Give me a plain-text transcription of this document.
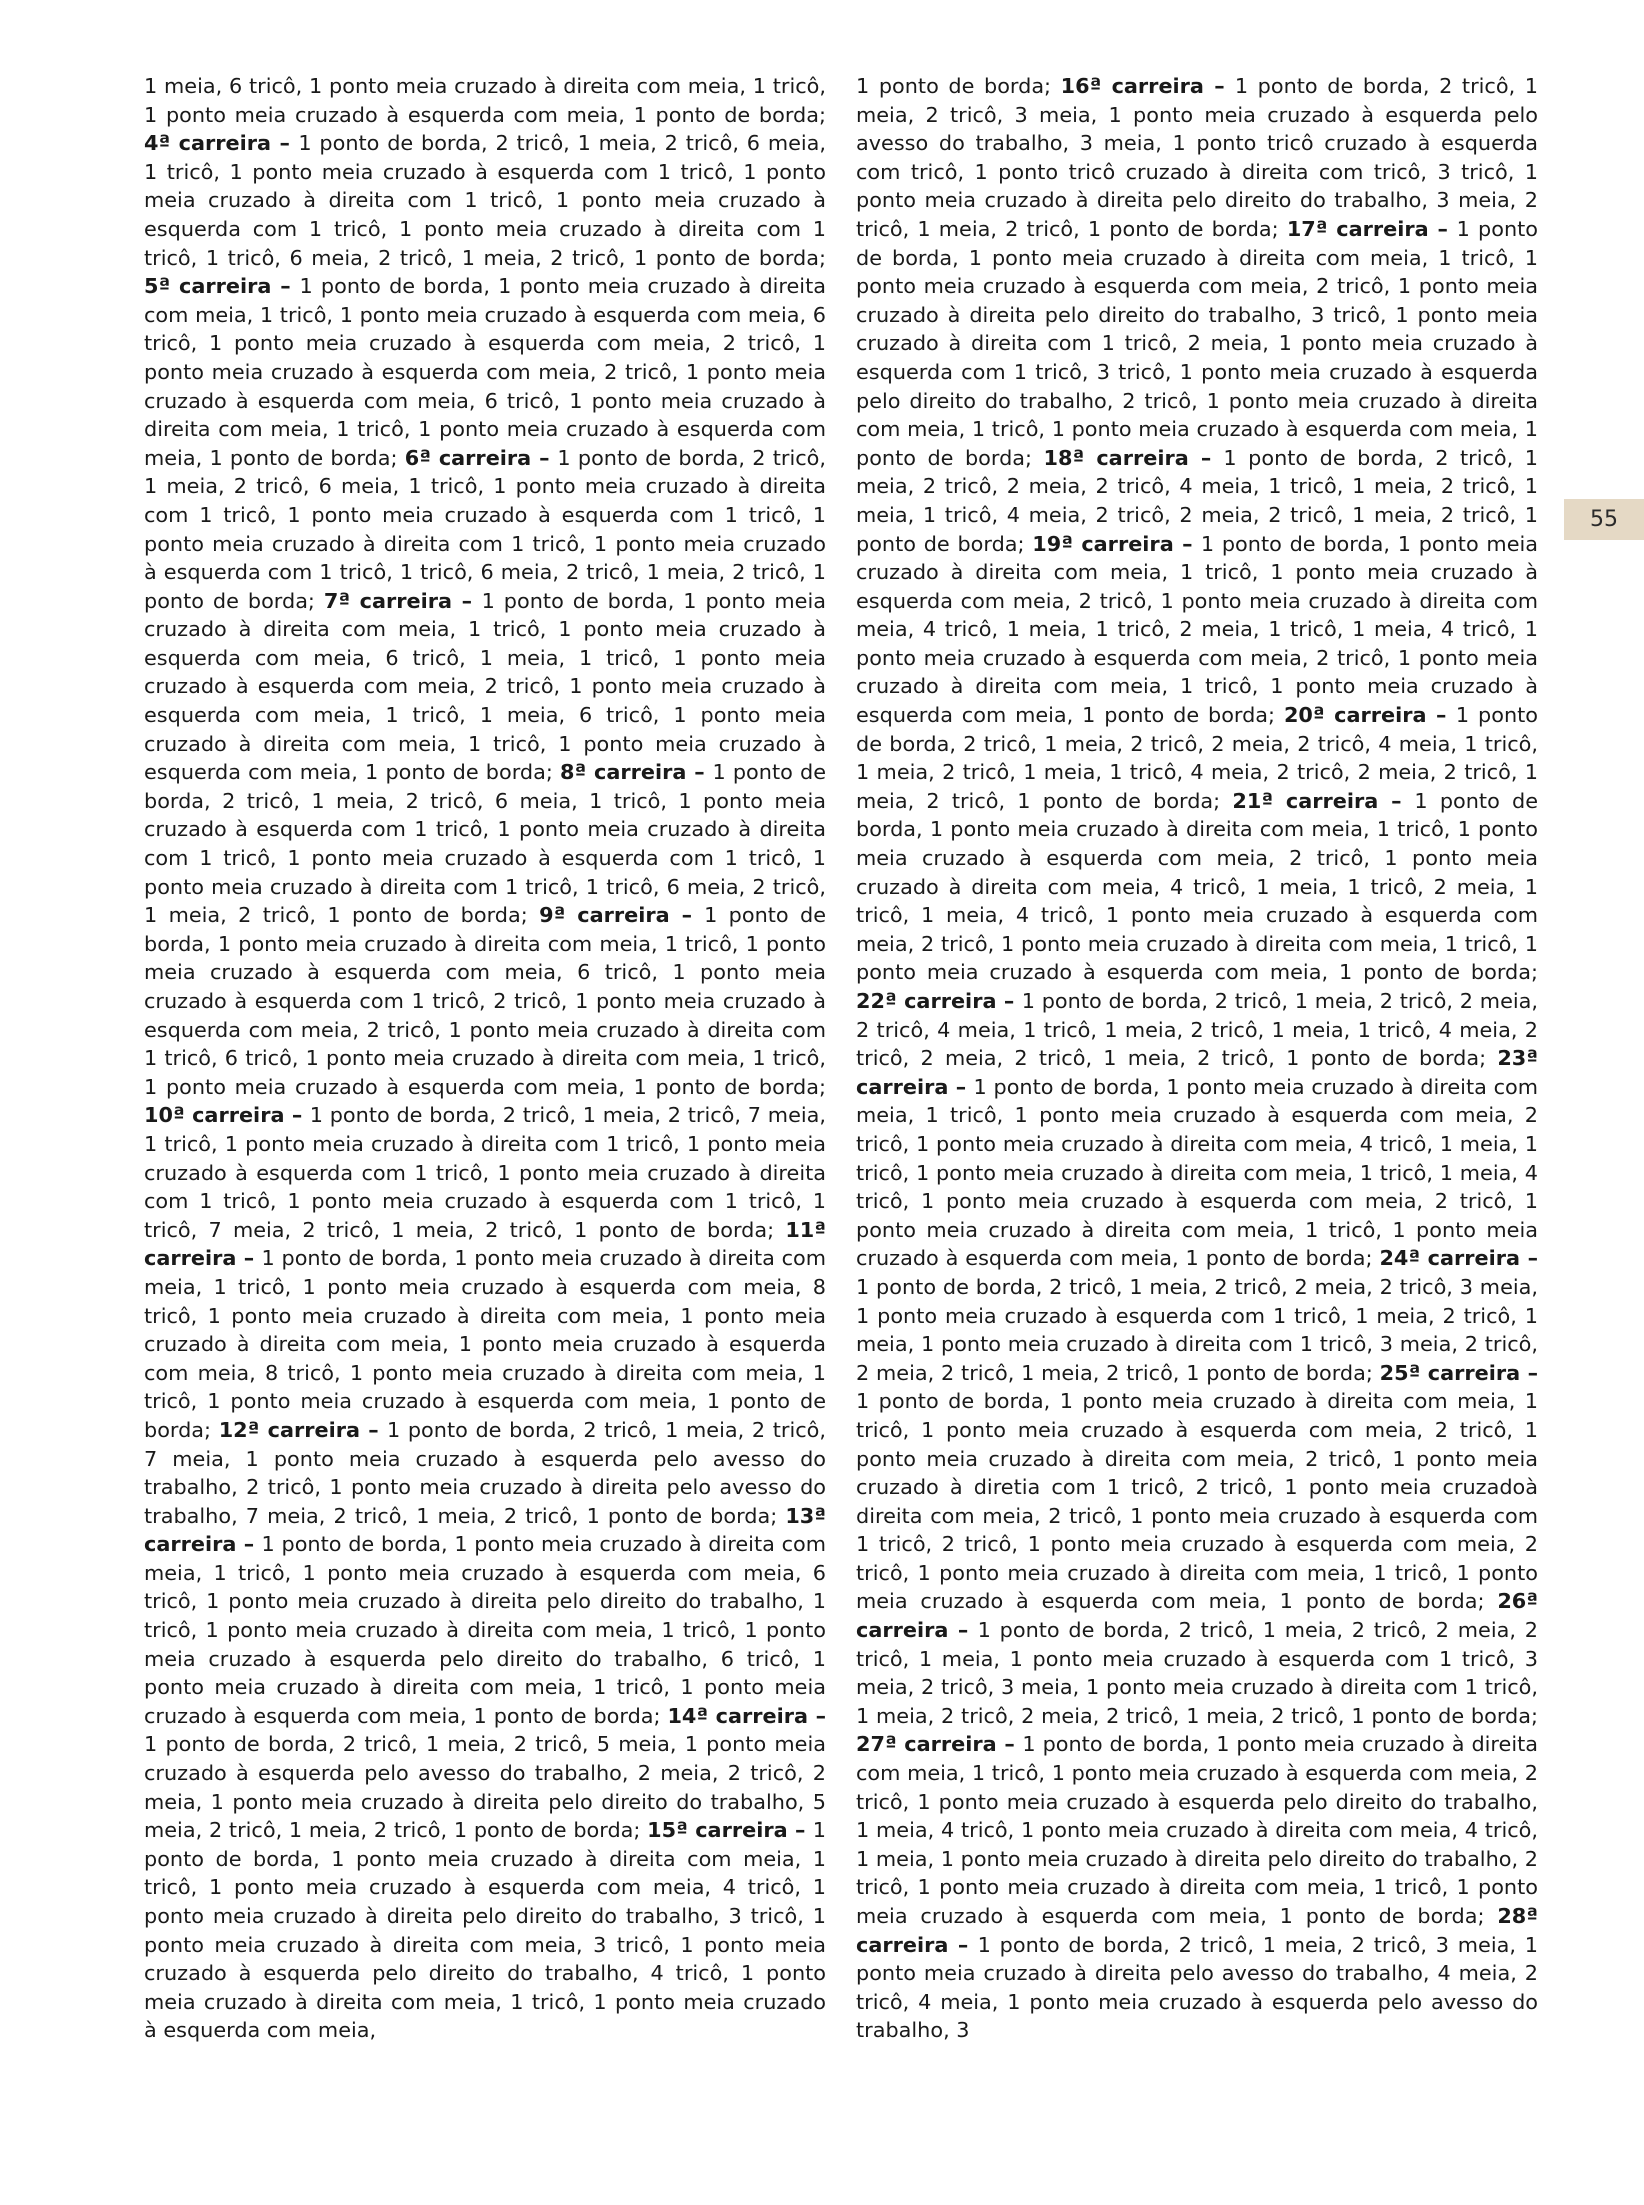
1 meia, 6 tricô, 1 ponto meia cruzado à direita com meia, 1 tricô, 1 ponto meia cruzado à esquerda com meia, 1 ponto de borda; 4ª carreira – 1 ponto de borda, 2 tricô, 1 meia, 2 tricô, 6 meia, 1 tricô, 1 ponto meia cruzado à esquerda com 1 tricô, 1 ponto meia cruzado à direita com 1 tricô, 1 ponto meia cruzado à esquerda com 1 tricô, 1 ponto meia cruzado à direita com 1 tricô, 1 tricô, 6 meia, 2 tricô, 1 meia, 2 tricô, 1 ponto de borda; 5ª carreira – 1 ponto de borda, 1 ponto meia cruzado à direita com meia, 1 tricô, 1 ponto meia cruzado à esquerda com meia, 6 tricô, 1 ponto meia cruzado à esquerda com meia, 2 tricô, 1 ponto meia cruzado à esquerda com meia, 2 tricô, 1 ponto meia cruzado à esquerda com meia, 6 tricô, 1 ponto meia cruzado à direita com meia, 1 tricô, 1 ponto meia cruzado à esquerda com meia, 1 ponto de borda; 6ª carreira – 1 ponto de borda, 2 tricô, 1 meia, 2 tricô, 6 meia, 1 tricô, 1 ponto meia cruzado à direita com 1 tricô, 1 ponto meia cruzado à esquerda com 1 tricô, 1 ponto meia cruzado à direita com 1 tricô, 1 ponto meia cruzado à esquerda com 1 tricô, 1 tricô, 6 meia, 2 tricô, 1 meia, 2 tricô, 1 ponto de borda; 7ª carreira – 1 ponto de borda, 1 ponto meia cruzado à direita com meia, 1 tricô, 1 ponto meia cruzado à esquerda com meia, 6 tricô, 1 meia, 1 tricô, 1 ponto meia cruzado à esquerda com meia, 2 tricô, 1 ponto meia cruzado à esquerda com meia, 1 tricô, 1 meia, 6 tricô, 1 ponto meia cruzado à direita com meia, 1 tricô, 1 ponto meia cruzado à esquerda com meia, 1 ponto de borda; 8ª carreira – 1 ponto de borda, 2 tricô, 1 meia, 2 tricô, 6 meia, 1 tricô, 1 ponto meia cruzado à esquerda com 1 tricô, 1 ponto meia cruzado à direita com 1 tricô, 1 ponto meia cruzado à esquerda com 1 tricô, 1 ponto meia cruzado à direita com 1 tricô, 1 tricô, 6 meia, 2 tricô, 1 meia, 2 tricô, 1 ponto de borda; 9ª carreira – 1 ponto de borda, 1 ponto meia cruzado à direita com meia, 1 tricô, 1 ponto meia cruzado à esquerda com meia, 6 tricô, 1 ponto meia cruzado à esquerda com 1 tricô, 2 tricô, 1 ponto meia cruzado à esquerda com meia, 2 tricô, 1 ponto meia cruzado à direita com 1 tricô, 6 tricô, 1 ponto meia cruzado à direita com meia, 1 tricô, 1 ponto meia cruzado à esquerda com meia, 1 ponto de borda; 10ª carreira – 1 ponto de borda, 2 tricô, 1 meia, 2 tricô, 7 meia, 1 tricô, 1 ponto meia cruzado à direita com 1 tricô, 1 ponto meia cruzado à esquerda com 1 tricô, 1 ponto meia cruzado à direita com 1 tricô, 1 ponto meia cruzado à esquerda com 1 tricô, 1 tricô, 7 meia, 2 tricô, 1 meia, 2 tricô, 1 ponto de borda; 11ª carreira – 1 ponto de borda, 1 ponto meia cruzado à direita com meia, 1 tricô, 1 ponto meia cruzado à esquerda com meia, 8 tricô, 1 ponto meia cruzado à direita com meia, 1 ponto meia cruzado à direita com meia, 1 ponto meia cruzado à esquerda com meia, 8 tricô, 1 ponto meia cruzado à direita com meia, 1 tricô, 1 ponto meia cruzado à esquerda com meia, 1 ponto de borda; 12ª carreira – 1 ponto de borda, 2 tricô, 1 meia, 2 tricô, 7 meia, 1 ponto meia cruzado à esquerda pelo avesso do trabalho, 2 tricô, 1 ponto meia cruzado à direita pelo avesso do trabalho, 7 meia, 2 tricô, 1 meia, 2 tricô, 1 ponto de borda; 13ª carreira – 1 ponto de borda, 1 ponto meia cruzado à direita com meia, 1 tricô, 1 ponto meia cruzado à esquerda com meia, 6 tricô, 1 ponto meia cruzado à direita pelo direito do trabalho, 1 tricô, 1 ponto meia cruzado à direita com meia, 1 tricô, 1 ponto meia cruzado à esquerda pelo direito do trabalho, 6 tricô, 1 ponto meia cruzado à direita com meia, 1 tricô, 1 ponto meia cruzado à esquerda com meia, 1 ponto de borda; 14ª carreira – 1 ponto de borda, 2 tricô, 1 meia, 2 tricô, 5 meia, 1 ponto meia cruzado à esquerda pelo avesso do trabalho, 2 meia, 2 tricô, 2 meia, 1 ponto meia cruzado à direita pelo direito do trabalho, 5 meia, 2 tricô, 1 meia, 2 tricô, 1 ponto de borda; 15ª carreira – 1 ponto de borda, 1 ponto meia cruzado à direita com meia, 1 tricô, 1 ponto meia cruzado à esquerda com meia, 4 tricô, 1 ponto meia cruzado à direita pelo direito do trabalho, 3 tricô, 1 ponto meia cruzado à direita com meia, 3 tricô, 1 ponto meia cruzado à esquerda pelo direito do trabalho, 4 tricô, 1 ponto meia cruzado à direita com meia, 1 tricô, 1 ponto meia cruzado à esquerda com meia,

1 ponto de borda; 16ª carreira – 1 ponto de borda, 2 tricô, 1 meia, 2 tricô, 3 meia, 1 ponto meia cruzado à esquerda pelo avesso do trabalho, 3 meia, 1 ponto tricô cruzado à esquerda com tricô, 1 ponto tricô cruzado à direita com tricô, 3 tricô, 1 ponto meia cruzado à direita pelo direito do trabalho, 3 meia, 2 tricô, 1 meia, 2 tricô, 1 ponto de borda; 17ª carreira – 1 ponto de borda, 1 ponto meia cruzado à direita com meia, 1 tricô, 1 ponto meia cruzado à esquerda com meia, 2 tricô, 1 ponto meia cruzado à direita pelo direito do trabalho, 3 tricô, 1 ponto meia cruzado à direita com 1 tricô, 2 meia, 1 ponto meia cruzado à esquerda com 1 tricô, 3 tricô, 1 ponto meia cruzado à esquerda pelo direito do trabalho, 2 tricô, 1 ponto meia cruzado à direita com meia, 1 tricô, 1 ponto meia cruzado à esquerda com meia, 1 ponto de borda; 18ª carreira – 1 ponto de borda, 2 tricô, 1 meia, 2 tricô, 2 meia, 2 tricô, 4 meia, 1 tricô, 1 meia, 2 tricô, 1 meia, 1 tricô, 4 meia, 2 tricô, 2 meia, 2 tricô, 1 meia, 2 tricô, 1 ponto de borda; 19ª carreira – 1 ponto de borda, 1 ponto meia cruzado à direita com meia, 1 tricô, 1 ponto meia cruzado à esquerda com meia, 2 tricô, 1 ponto meia cruzado à direita com meia, 4 tricô, 1 meia, 1 tricô, 2 meia, 1 tricô, 1 meia, 4 tricô, 1 ponto meia cruzado à esquerda com meia, 2 tricô, 1 ponto meia cruzado à direita com meia, 1 tricô, 1 ponto meia cruzado à esquerda com meia, 1 ponto de borda; 20ª carreira – 1 ponto de borda, 2 tricô, 1 meia, 2 tricô, 2 meia, 2 tricô, 4 meia, 1 tricô, 1 meia, 2 tricô, 1 meia, 1 tricô, 4 meia, 2 tricô, 2 meia, 2 tricô, 1 meia, 2 tricô, 1 ponto de borda; 21ª carreira – 1 ponto de borda, 1 ponto meia cruzado à direita com meia, 1 tricô, 1 ponto meia cruzado à esquerda com meia, 2 tricô, 1 ponto meia cruzado à direita com meia, 4 tricô, 1 meia, 1 tricô, 2 meia, 1 tricô, 1 meia, 4 tricô, 1 ponto meia cruzado à esquerda com meia, 2 tricô, 1 ponto meia cruzado à direita com meia, 1 tricô, 1 ponto meia cruzado à esquerda com meia, 1 ponto de borda; 22ª carreira – 1 ponto de borda, 2 tricô, 1 meia, 2 tricô, 2 meia, 2 tricô, 4 meia, 1 tricô, 1 meia, 2 tricô, 1 meia, 1 tricô, 4 meia, 2 tricô, 2 meia, 2 tricô, 1 meia, 2 tricô, 1 ponto de borda; 23ª carreira – 1 ponto de borda, 1 ponto meia cruzado à direita com meia, 1 tricô, 1 ponto meia cruzado à esquerda com meia, 2 tricô, 1 ponto meia cruzado à direita com meia, 4 tricô, 1 meia, 1 tricô, 1 ponto meia cruzado à direita com meia, 1 tricô, 1 meia, 4 tricô, 1 ponto meia cruzado à esquerda com meia, 2 tricô, 1 ponto meia cruzado à direita com meia, 1 tricô, 1 ponto meia cruzado à esquerda com meia, 1 ponto de borda; 24ª carreira – 1 ponto de borda, 2 tricô, 1 meia, 2 tricô, 2 meia, 2 tricô, 3 meia, 1 ponto meia cruzado à esquerda com 1 tricô, 1 meia, 2 tricô, 1 meia, 1 ponto meia cruzado à direita com 1 tricô, 3 meia, 2 tricô, 2 meia, 2 tricô, 1 meia, 2 tricô, 1 ponto de borda; 25ª carreira – 1 ponto de borda, 1 ponto meia cruzado à direita com meia, 1 tricô, 1 ponto meia cruzado à esquerda com meia, 2 tricô, 1 ponto meia cruzado à direita com meia, 2 tricô, 1 ponto meia cruzado à diretia com 1 tricô, 2 tricô, 1 ponto meia cruzadoà direita com meia, 2 tricô, 1 ponto meia cruzado à esquerda com 1 tricô, 2 tricô, 1 ponto meia cruzado à esquerda com meia, 2 tricô, 1 ponto meia cruzado à direita com meia, 1 tricô, 1 ponto meia cruzado à esquerda com meia, 1 ponto de borda; 26ª carreira – 1 ponto de borda, 2 tricô, 1 meia, 2 tricô, 2 meia, 2 tricô, 1 meia, 1 ponto meia cruzado à esquerda com 1 tricô, 3 meia, 2 tricô, 3 meia, 1 ponto meia cruzado à direita com 1 tricô, 1 meia, 2 tricô, 2 meia, 2 tricô, 1 meia, 2 tricô, 1 ponto de borda; 27ª carreira – 1 ponto de borda, 1 ponto meia cruzado à direita com meia, 1 tricô, 1 ponto meia cruzado à esquerda com meia, 2 tricô, 1 ponto meia cruzado à esquerda pelo direito do trabalho, 1 meia, 4 tricô, 1 ponto meia cruzado à direita com meia, 4 tricô, 1 meia, 1 ponto meia cruzado à direita pelo direito do trabalho, 2 tricô, 1 ponto meia cruzado à direita com meia, 1 tricô, 1 ponto meia cruzado à esquerda com meia, 1 ponto de borda; 28ª carreira – 1 ponto de borda, 2 tricô, 1 meia, 2 tricô, 3 meia, 1 ponto meia cruzado à direita pelo avesso do trabalho, 4 meia, 2 tricô, 4 meia, 1 ponto meia cruzado à esquerda pelo avesso do trabalho, 3

55
